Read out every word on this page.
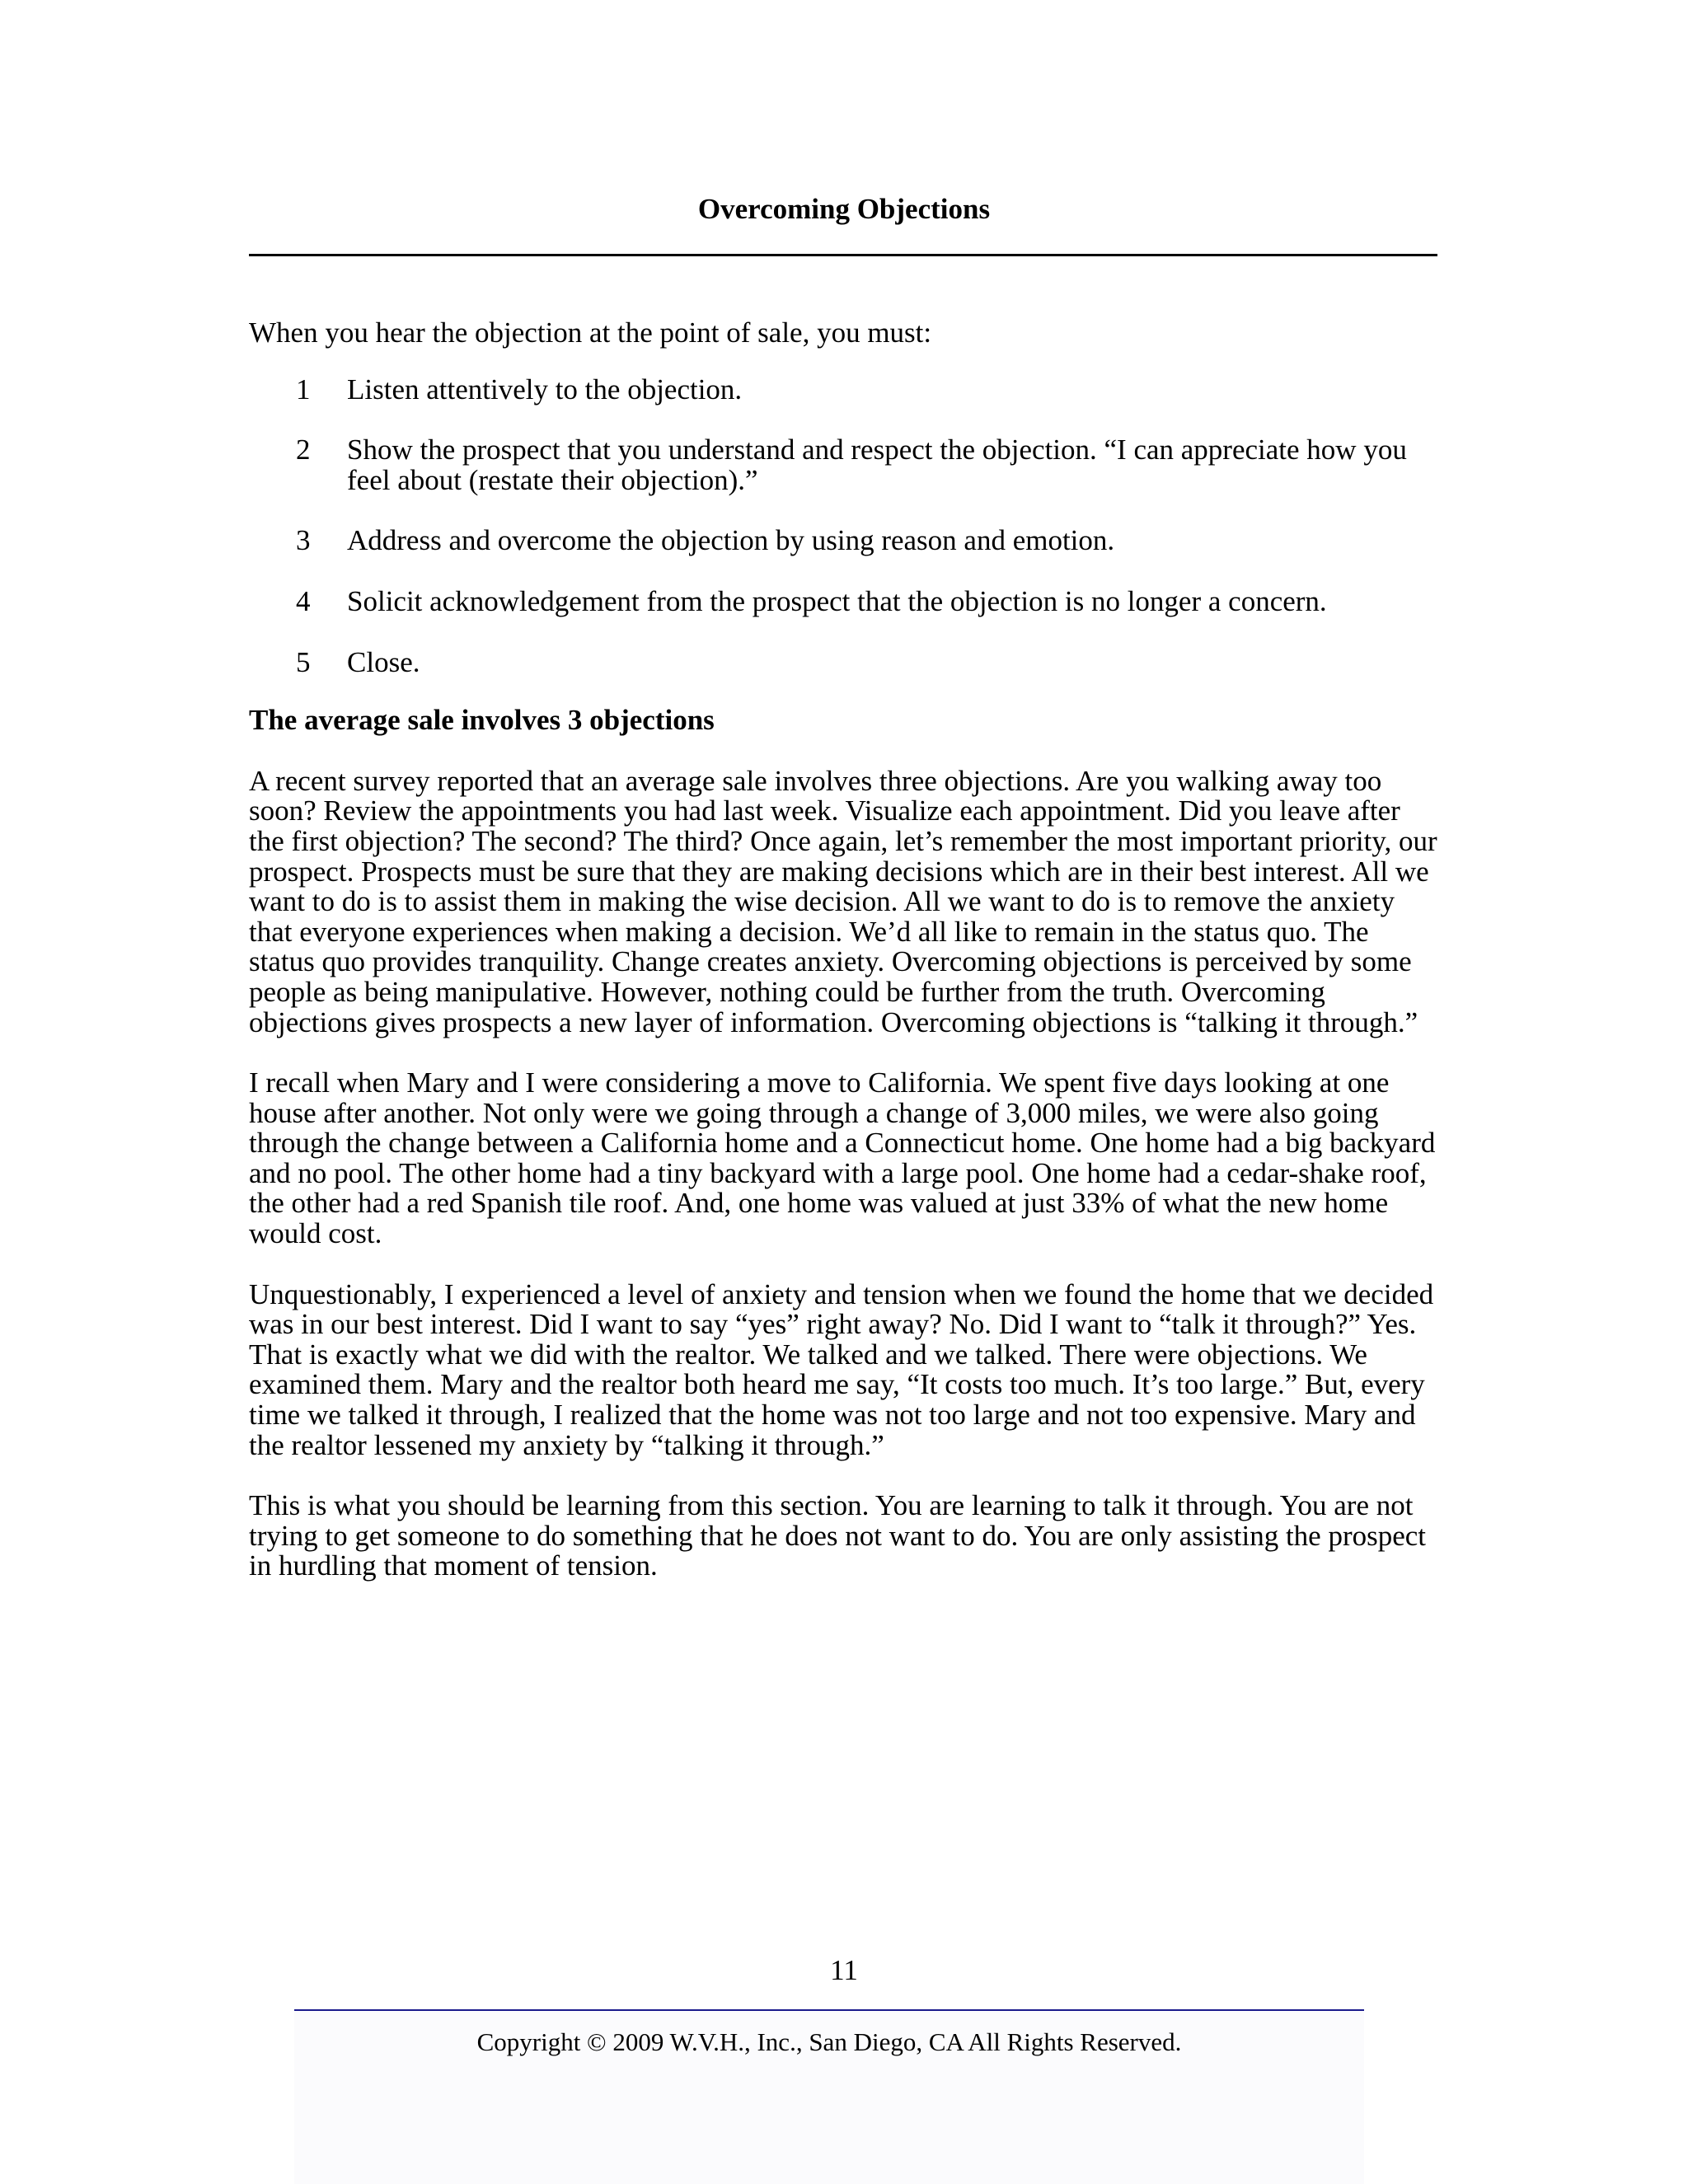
Overcoming Objections

When you hear the objection at the point of sale, you must:

1	Listen attentively to the objection.
2	Show the prospect that you understand and respect the objection. “I can appreciate how you feel about (restate their objection).”
3	Address and overcome the objection by using reason and emotion.
4	Solicit acknowledgement from the prospect that the objection is no longer a concern.
5	Close.

The average sale involves 3 objections

A recent survey reported that an average sale involves three objections. Are you walking away too soon? Review the appointments you had last week. Visualize each appointment. Did you leave after the first objection? The second? The third? Once again, let’s remember the most important priority, our prospect. Prospects must be sure that they are making decisions which are in their best interest. All we want to do is to assist them in making the wise decision. All we want to do is to remove the anxiety that everyone experiences when making a decision. We’d all like to remain in the status quo. The status quo provides tranquility. Change creates anxiety. Overcoming objections is perceived by some people as being manipulative. However, nothing could be further from the truth. Overcoming objections gives prospects a new layer of information. Overcoming objections is “talking it through.”

I recall when Mary and I were considering a move to California. We spent five days looking at one house after another. Not only were we going through a change of 3,000 miles, we were also going through the change between a California home and a Connecticut home. One home had a big backyard and no pool. The other home had a tiny backyard with a large pool. One home had a cedar-shake roof, the other had a red Spanish tile roof. And, one home was valued at just 33% of what the new home would cost.

Unquestionably, I experienced a level of anxiety and tension when we found the home that we decided was in our best interest. Did I want to say “yes” right away? No. Did I want to “talk it through?” Yes. That is exactly what we did with the realtor. We talked and we talked. There were objections. We examined them. Mary and the realtor both heard me say, “It costs too much. It’s too large.” But, every time we talked it through, I realized that the home was not too large and not too expensive. Mary and the realtor lessened my anxiety by “talking it through.”

This is what you should be learning from this section. You are learning to talk it through. You are not trying to get someone to do something that he does not want to do. You are only assisting the prospect in hurdling that moment of tension.

11
Copyright © 2009 W.V.H., Inc., San Diego, CA All Rights Reserved.
